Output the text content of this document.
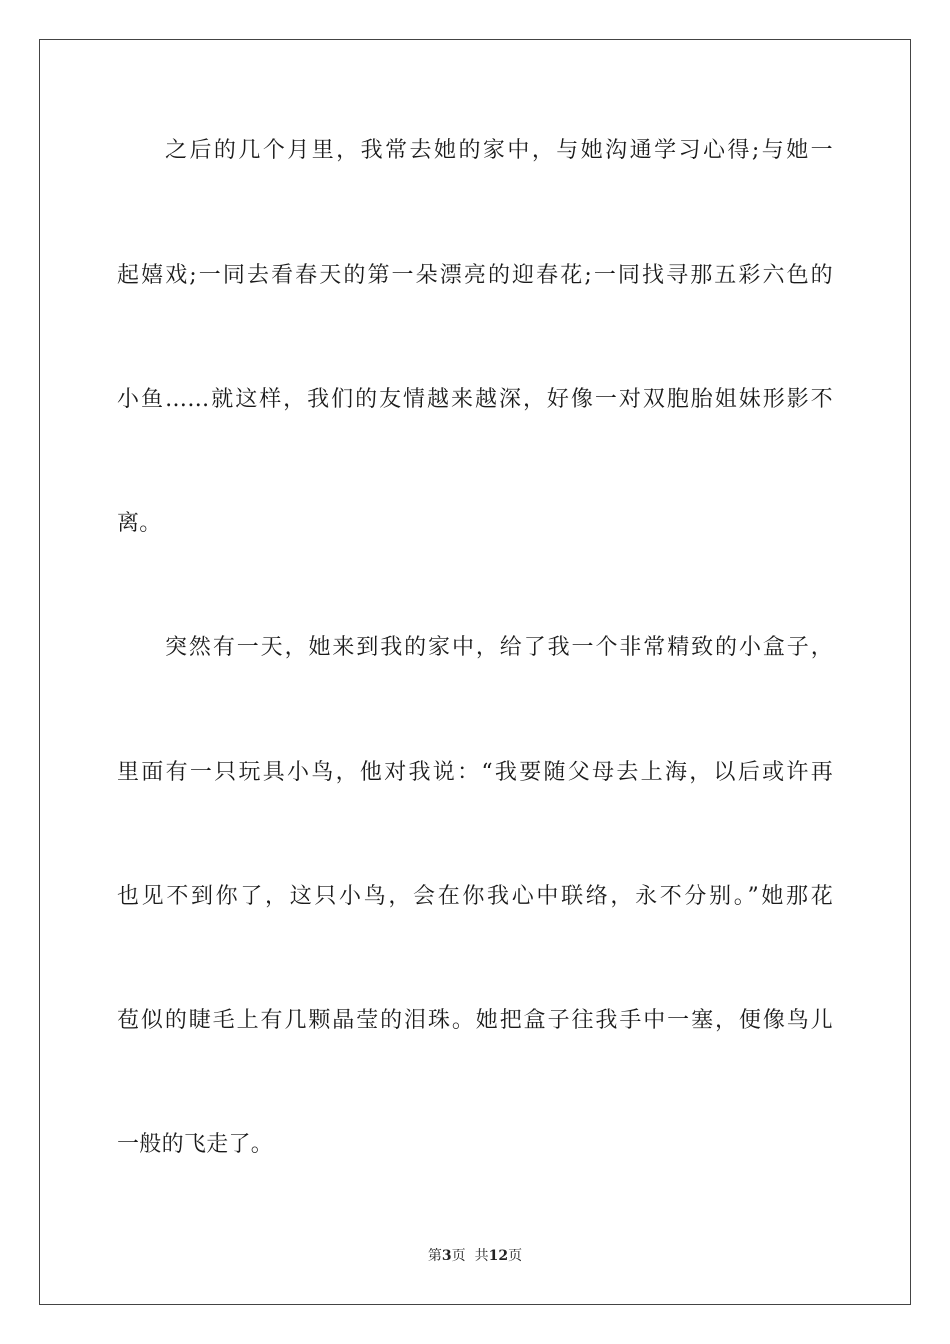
之后的几个月里，我常去她的家中，与她沟通学习心得;与她一
起嬉戏;一同去看春天的第一朵漂亮的迎春花;一同找寻那五彩六色的
小鱼……就这样，我们的友情越来越深，好像一对双胞胎姐妹形影不
离。
突然有一天，她来到我的家中，给了我一个非常精致的小盒子，
里面有一只玩具小鸟，他对我说：“我要随父母去上海，以后或许再
也见不到你了，这只小鸟，会在你我心中联络，永不分别。”她那花
苞似的睫毛上有几颗晶莹的泪珠。她把盒子往我手中一塞，便像鸟儿
一般的飞走了。
第3页  共12页
